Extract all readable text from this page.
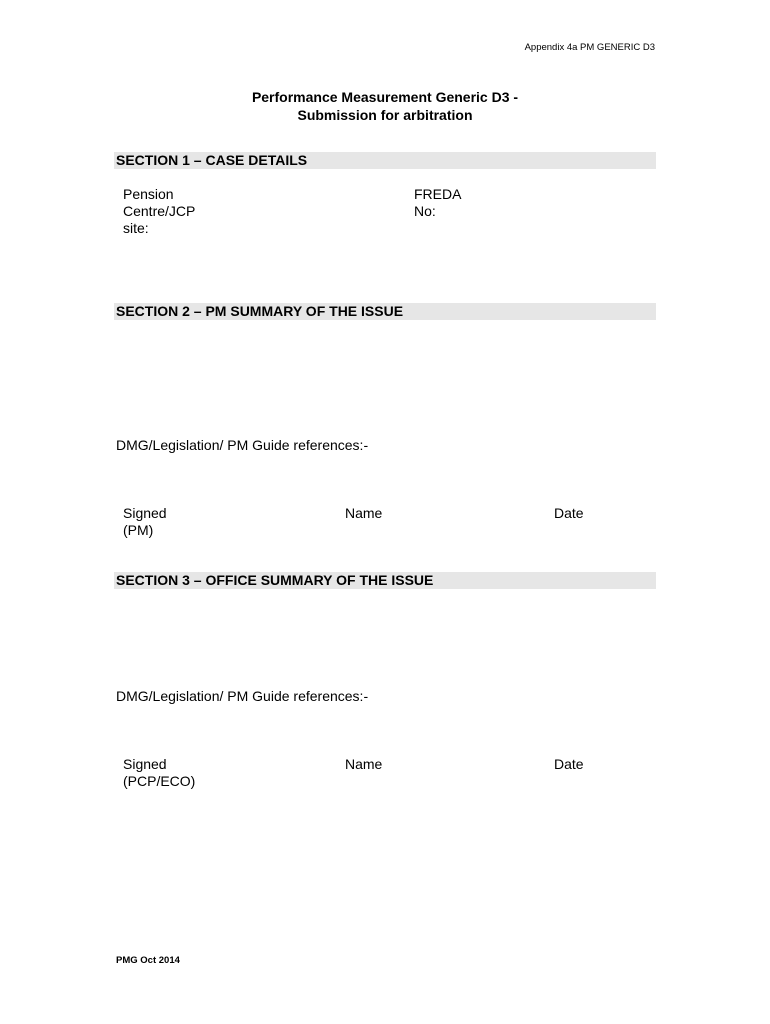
Appendix 4a PM GENERIC D3
Performance Measurement Generic D3 -
Submission for arbitration
SECTION 1 – CASE DETAILS
Pension
Centre/JCP
site:
FREDA
No:
SECTION 2 – PM SUMMARY OF THE ISSUE
DMG/Legislation/ PM Guide references:-
Signed
(PM)
Name	Date
SECTION 3 – OFFICE SUMMARY OF THE ISSUE
DMG/Legislation/ PM Guide references:-
Signed
(PCP/ECO)
Name	Date
PMG Oct 2014
